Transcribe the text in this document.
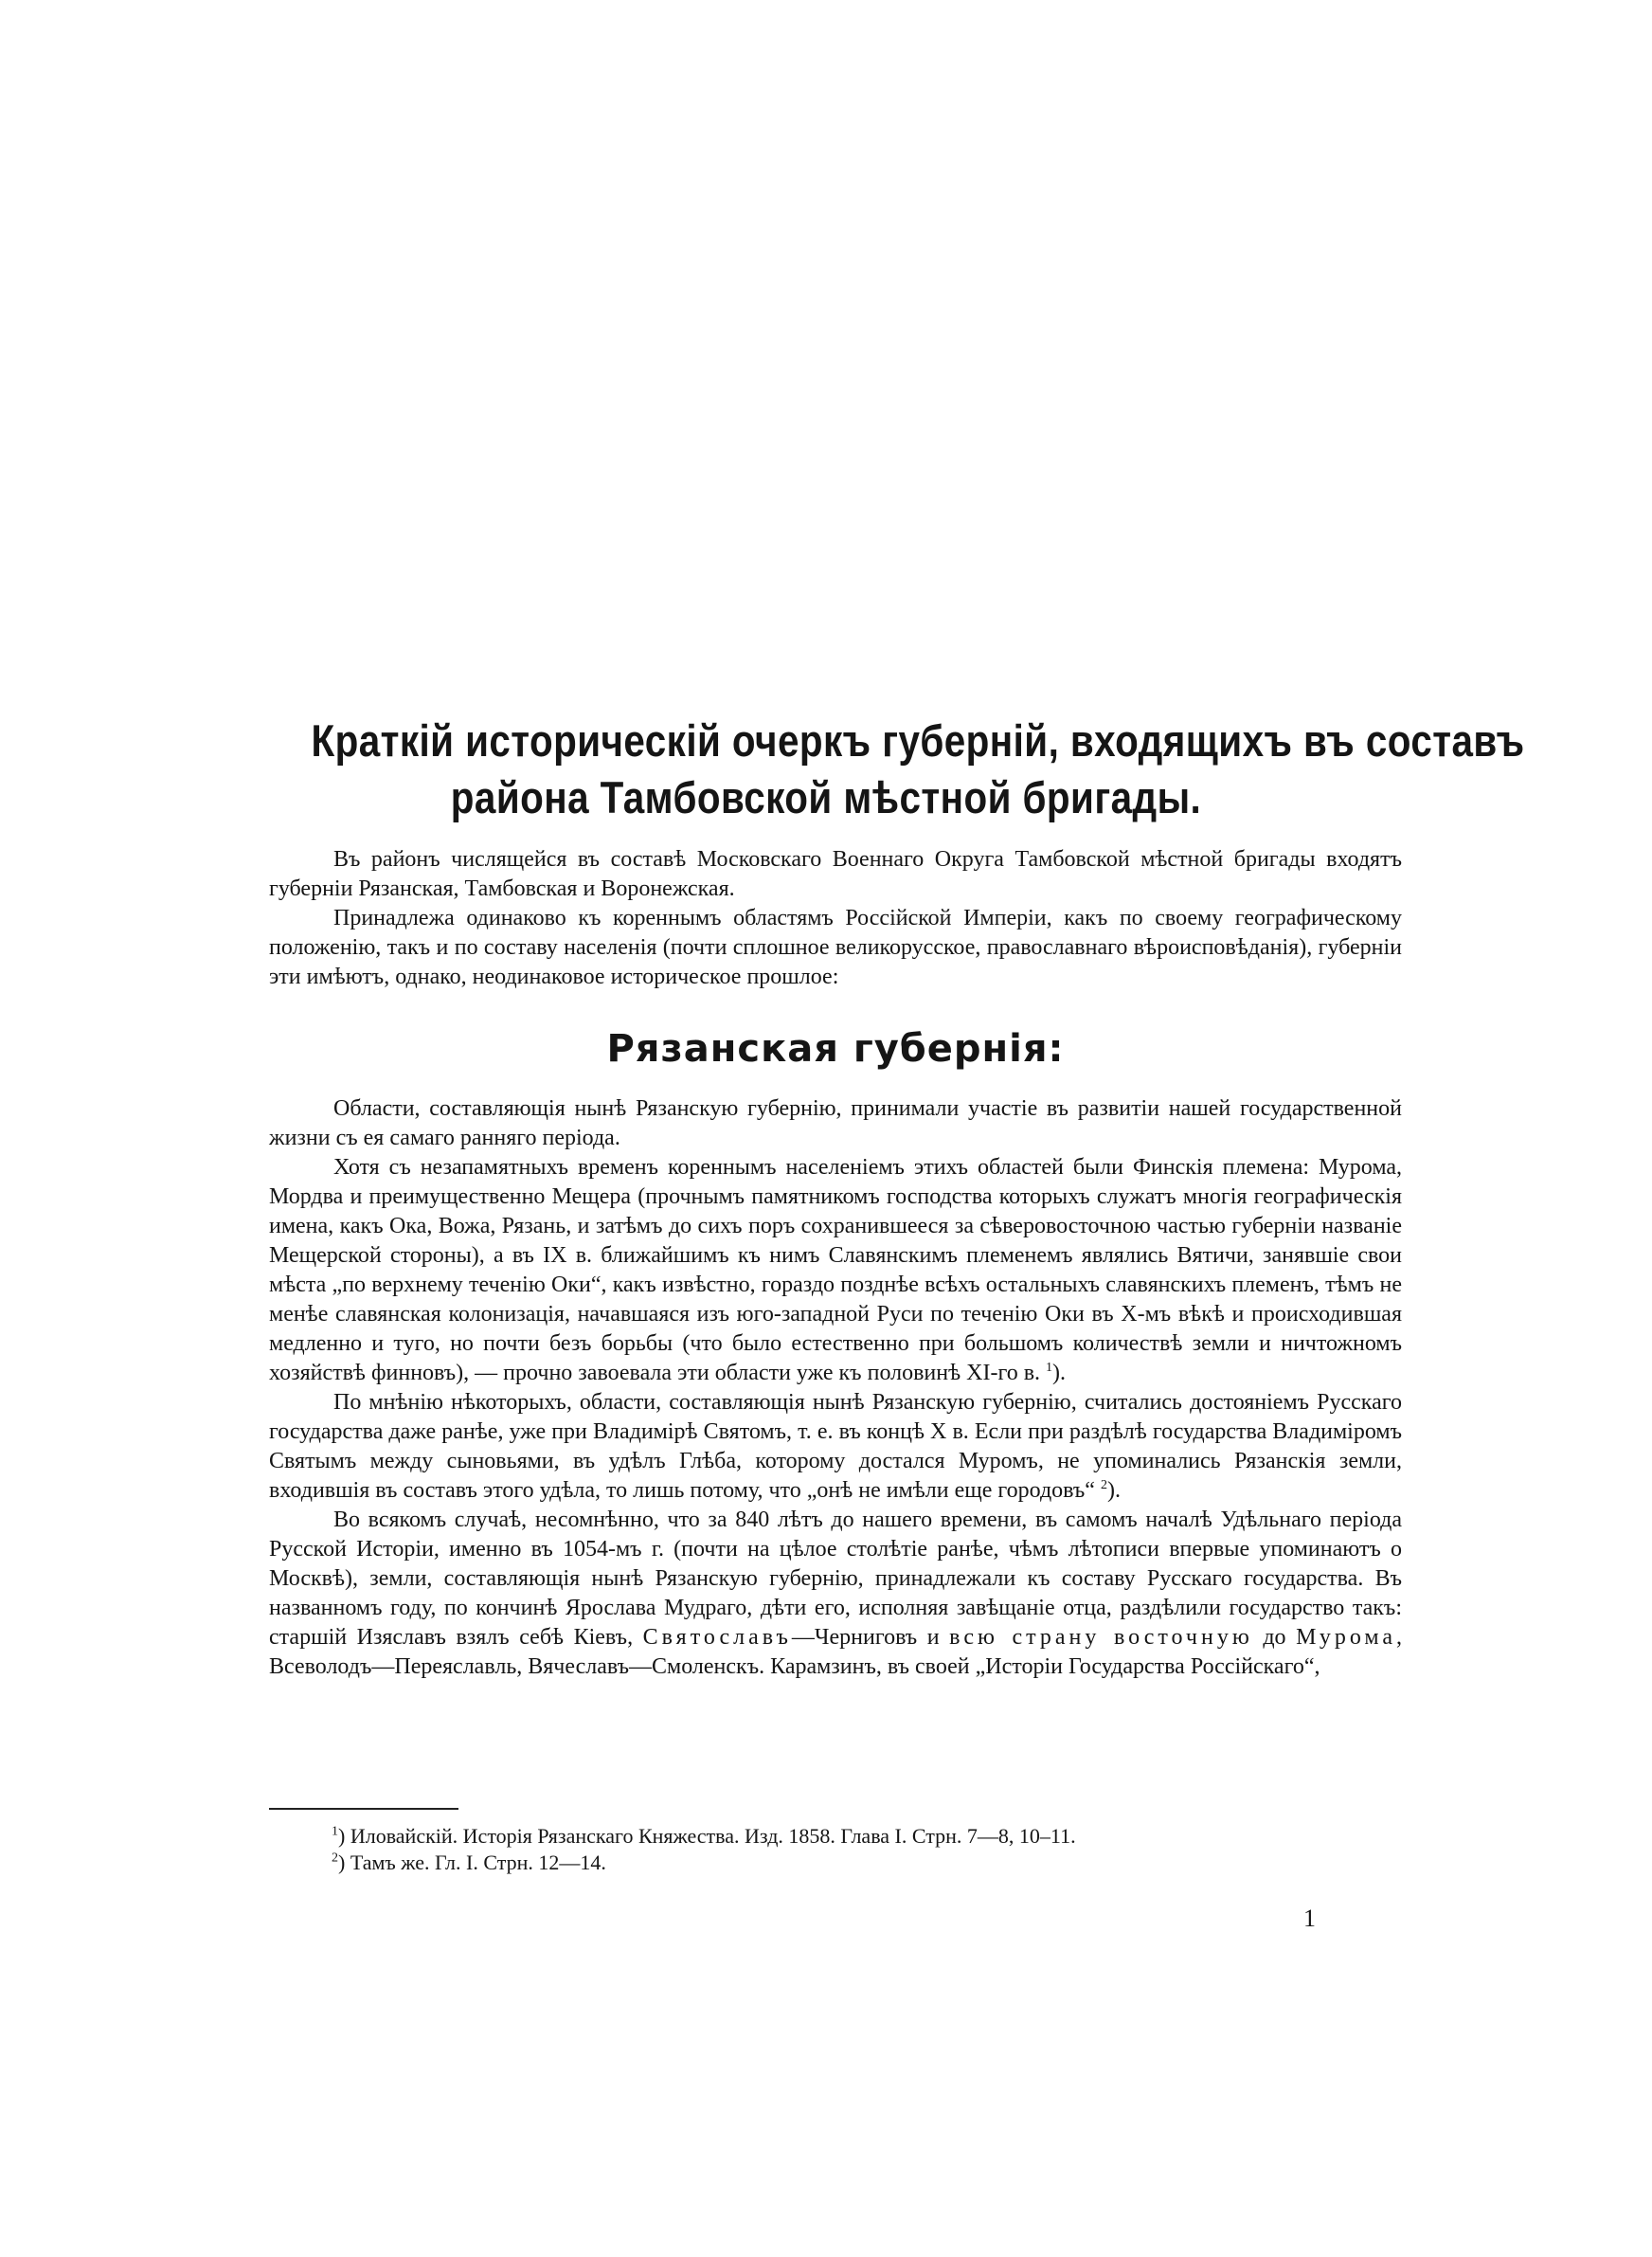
Краткій историческій очеркъ губерній, входящихъ въ составъ
района Тамбовской мѣстной бригады.

Въ районъ числящейся въ составѣ Московскаго Военнаго Округа Тамбовской мѣстной бригады входятъ губерніи Рязанская, Тамбовская и Воронежская.

Принадлежа одинаково къ кореннымъ областямъ Россійской Имперіи, какъ по своему географическому положенію, такъ и по составу населенія (почти сплошное великорусское, православнаго вѣроисповѣданія), губерніи эти имѣютъ, однако, неодинаковое историческое прошлое:

Рязанская губернія:

Области, составляющія нынѣ Рязанскую губернію, принимали участіе въ развитіи нашей государственной жизни съ ея самаго ранняго періода.

Хотя съ незапамятныхъ временъ кореннымъ населеніемъ этихъ областей были Финскія племена: Мурома, Мордва и преимущественно Мещера (прочнымъ памятникомъ господства которыхъ служатъ многія географическія имена, какъ Ока, Вожа, Рязань, и затѣмъ до сихъ поръ сохранившееся за сѣверовосточною частью губерніи названіе Мещерской стороны), а въ IX в. ближайшимъ къ нимъ Славянскимъ племенемъ являлись Вятичи, занявшіе свои мѣста „по верхнему теченію Оки“, какъ извѣстно, гораздо позднѣе всѣхъ остальныхъ славянскихъ племенъ, тѣмъ не менѣе славянская колонизація, начавшаяся изъ юго-западной Руси по теченію Оки въ X-мъ вѣкѣ и происходившая медленно и туго, но почти безъ борьбы (что было естественно при большомъ количествѣ земли и ничтожномъ хозяйствѣ финновъ), — прочно завоевала эти области уже къ половинѣ XI-го в. $^1$).

По мнѣнію нѣкоторыхъ, области, составляющія нынѣ Рязанскую губернію, считались достояніемъ Русскаго государства даже ранѣе, уже при Владимірѣ Святомъ, т. е. въ концѣ X в. Если при раздѣлѣ государства Владиміромъ Святымъ между сыновьями, въ удѣлъ Глѣба, которому достался Муромъ, не упоминались Рязанскія земли, входившія въ составъ этого удѣла, то лишь потому, что „онѣ не имѣли еще городовъ“ $^2$).

Во всякомъ случаѣ, несомнѣнно, что за 840 лѣтъ до нашего времени, въ самомъ началѣ Удѣльнаго періода Русской Исторіи, именно въ 1054-мъ г. (почти на цѣлое столѣтіе ранѣе, чѣмъ лѣтописи впервые упоминаютъ о Москвѣ), земли, составляющія нынѣ Рязанскую губернію, принадлежали къ составу Русскаго государства. Въ названномъ году, по кончинѣ Ярослава Мудраго, дѣти его, исполняя завѣщаніе отца, раздѣлили государство такъ: старшій Изяславъ взялъ себѣ Кіевъ, Святославъ—Черниговъ и всю страну восточную до Мурома, Всеволодъ—Переяславль, Вячеславъ—Смоленскъ. Карамзинъ, въ своей „Исторіи Государства Россійскаго“,

$^1$) Иловайскій. Исторія Рязанскаго Княжества. Изд. 1858. Глава I. Стрн. 7—8, 10–11.
$^2$) Тамъ же. Гл. I. Стрн. 12—14.
1
